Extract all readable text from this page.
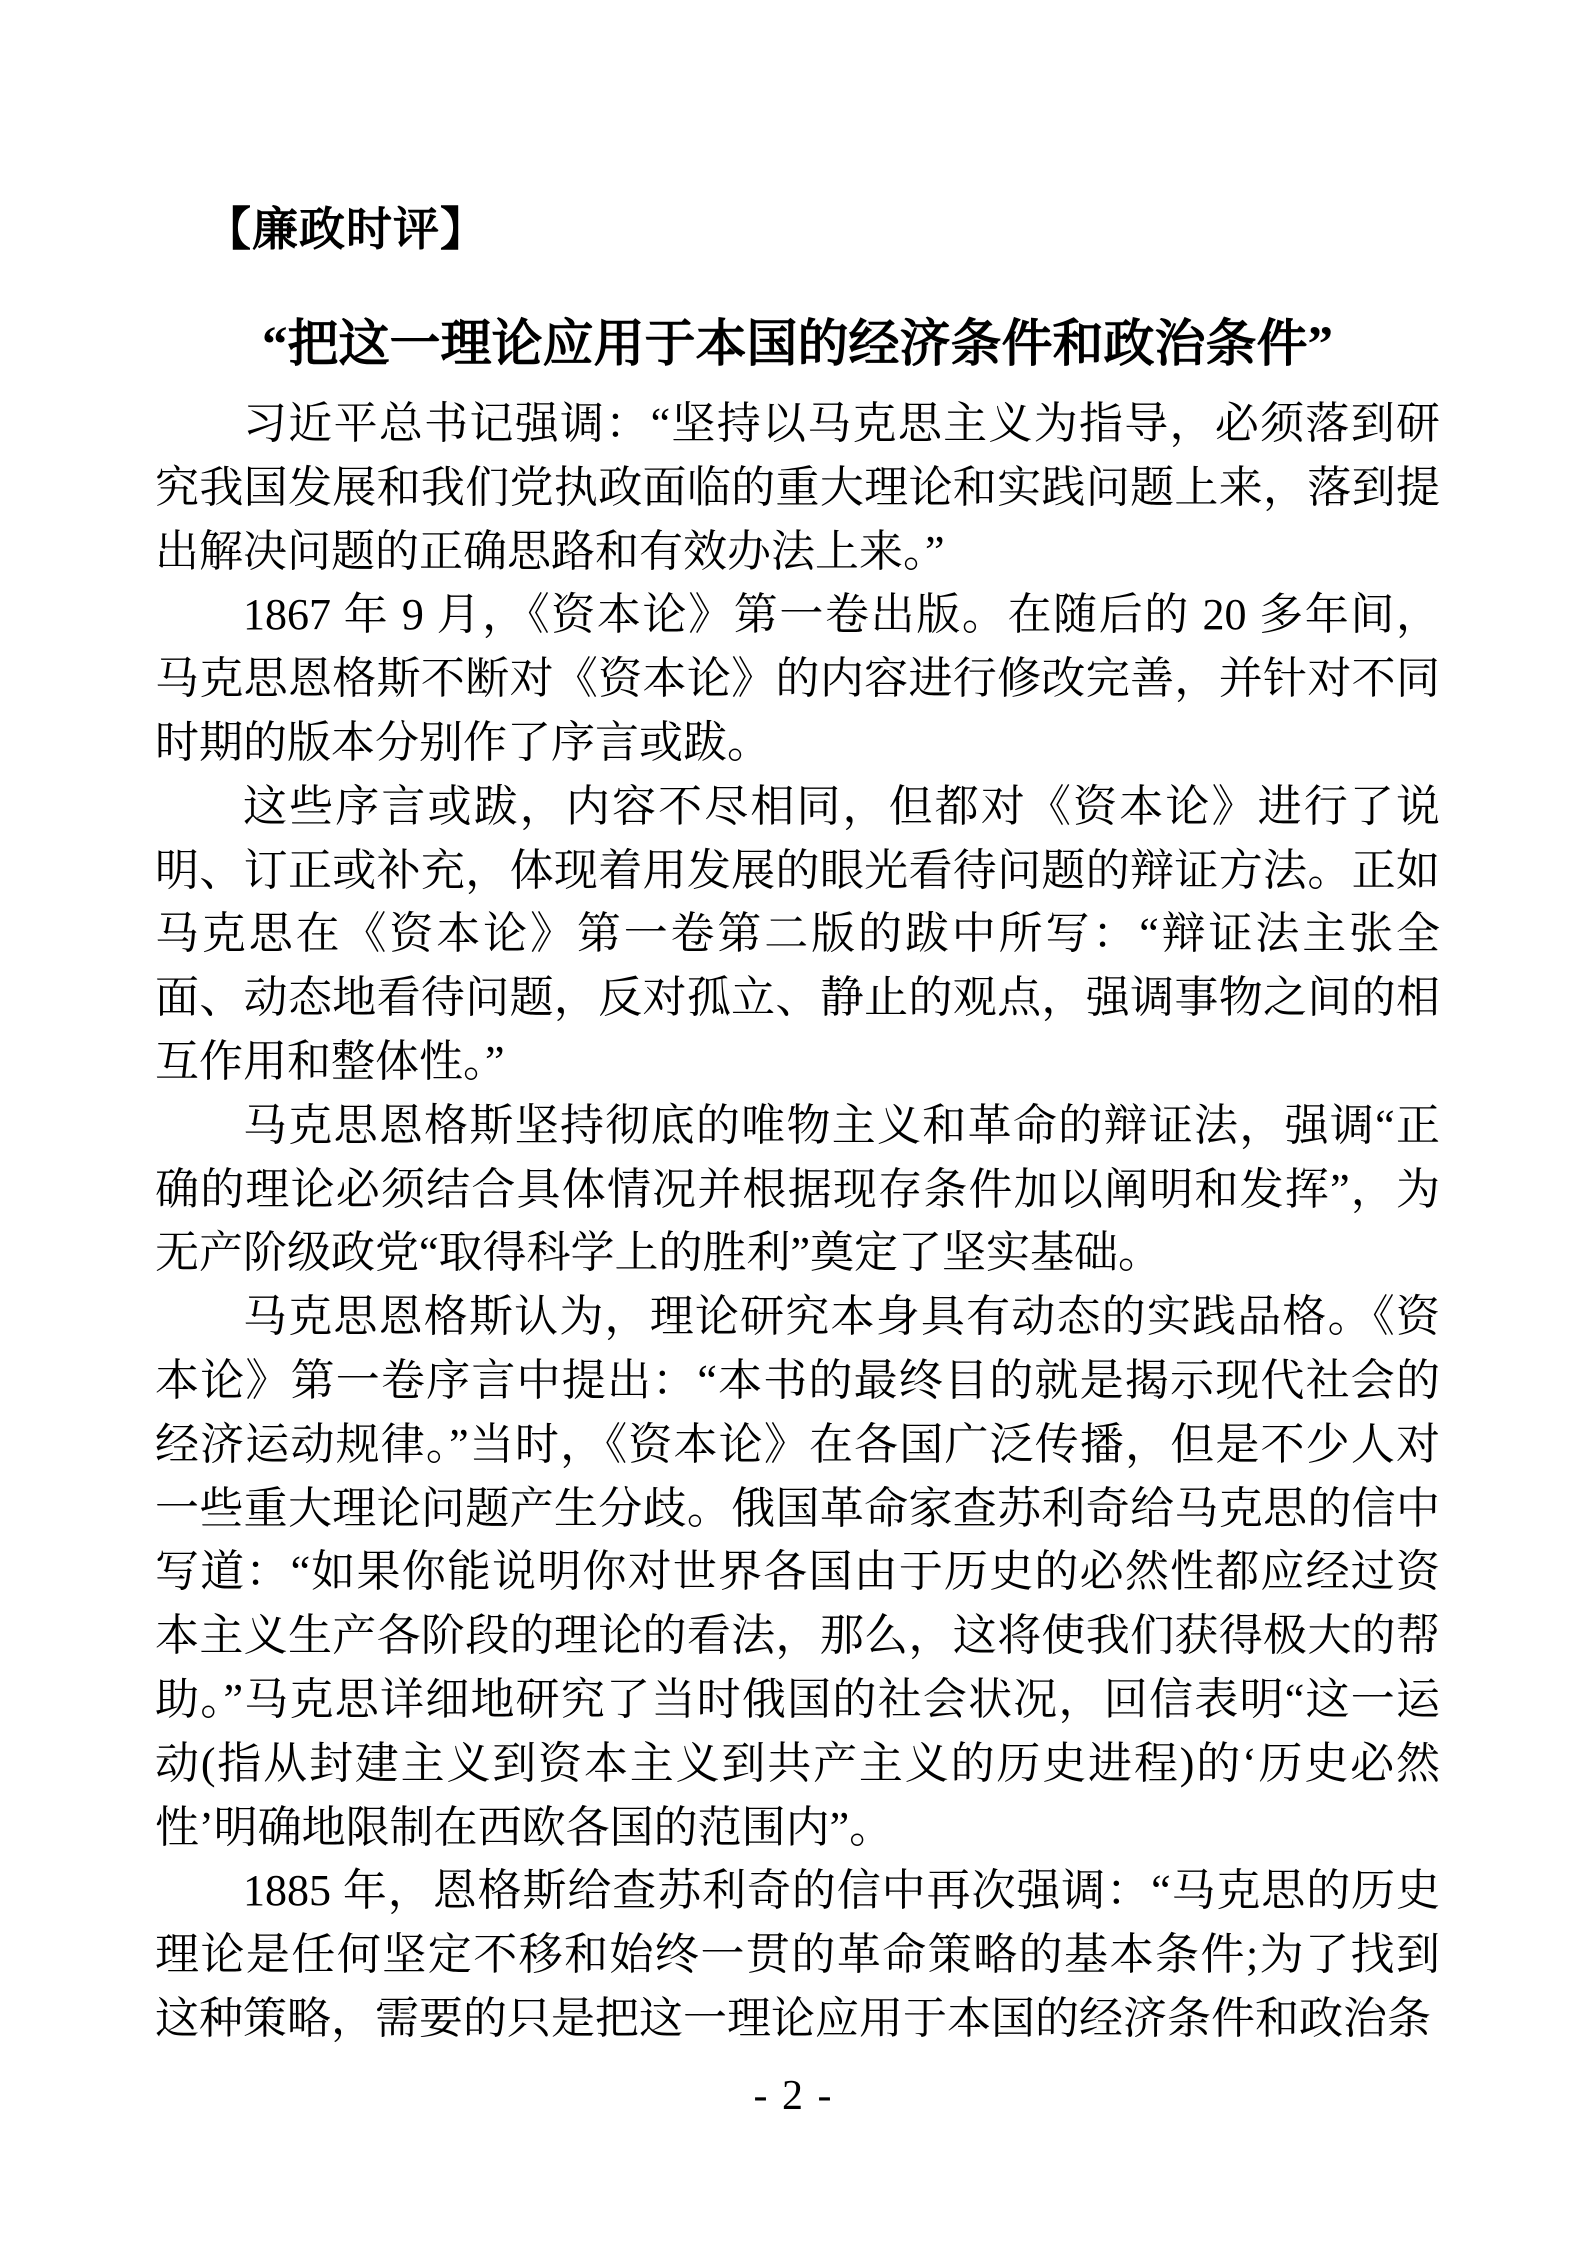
【廉政时评】
“把这一理论应用于本国的经济条件和政治条件”

习近平总书记强调：“坚持以马克思主义为指导，必须落到研究我国发展和我们党执政面临的重大理论和实践问题上来，落到提出解决问题的正确思路和有效办法上来。”

1867 年 9 月，《资本论》第一卷出版。在随后的 20 多年间，马克思恩格斯不断对《资本论》的内容进行修改完善，并针对不同时期的版本分别作了序言或跋。

这些序言或跋，内容不尽相同，但都对《资本论》进行了说明、订正或补充，体现着用发展的眼光看待问题的辩证方法。正如马克思在《资本论》第一卷第二版的跋中所写：“辩证法主张全面、动态地看待问题，反对孤立、静止的观点，强调事物之间的相互作用和整体性。”

马克思恩格斯坚持彻底的唯物主义和革命的辩证法，强调“正确的理论必须结合具体情况并根据现存条件加以阐明和发挥”，为无产阶级政党“取得科学上的胜利”奠定了坚实基础。

马克思恩格斯认为，理论研究本身具有动态的实践品格。《资本论》第一卷序言中提出：“本书的最终目的就是揭示现代社会的经济运动规律。”当时，《资本论》在各国广泛传播，但是不少人对一些重大理论问题产生分歧。俄国革命家查苏利奇给马克思的信中写道：“如果你能说明你对世界各国由于历史的必然性都应经过资本主义生产各阶段的理论的看法，那么，这将使我们获得极大的帮助。”马克思详细地研究了当时俄国的社会状况，回信表明“这一运动(指从封建主义到资本主义到共产主义的历史进程)的‘历史必然性’明确地限制在西欧各国的范围内”。

1885 年，恩格斯给查苏利奇的信中再次强调：“马克思的历史理论是任何坚定不移和始终一贯的革命策略的基本条件;为了找到这种策略，需要的只是把这一理论应用于本国的经济条件和政治条

- 2 -
